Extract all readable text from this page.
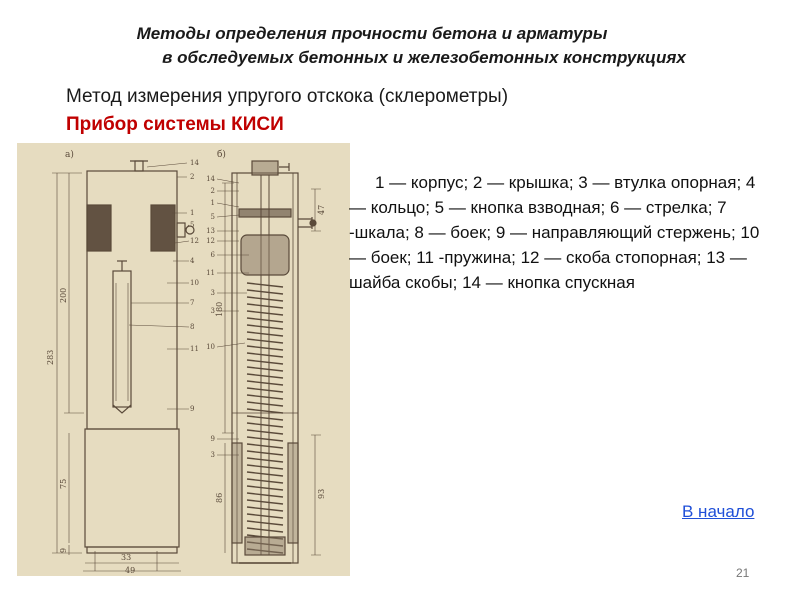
Методы определения прочности бетона и арматуры
в обследуемых бетонных и железобетонных конструкциях
Метод измерения упругого отскока (склерометры)
Прибор системы КИСИ
а)
283
200
75
9
33
49
14
2
1
5
12
4
10
7
8
11
9
б)
180
86	93
47
14
2
1
5
13
12
6
11
3
3
10
9
3
1 — корпус; 2 — крышка; 3 — втулка опорная; 4 — кольцо; 5 — кнопка взводная; 6 — стрелка; 7 -шкала; 8 — боек; 9 — направляющий стержень; 10 — боек; 11 -пружина; 12 — скоба стопорная; 13 — шайба скобы; 14 — кнопка спускная
В начало
21
